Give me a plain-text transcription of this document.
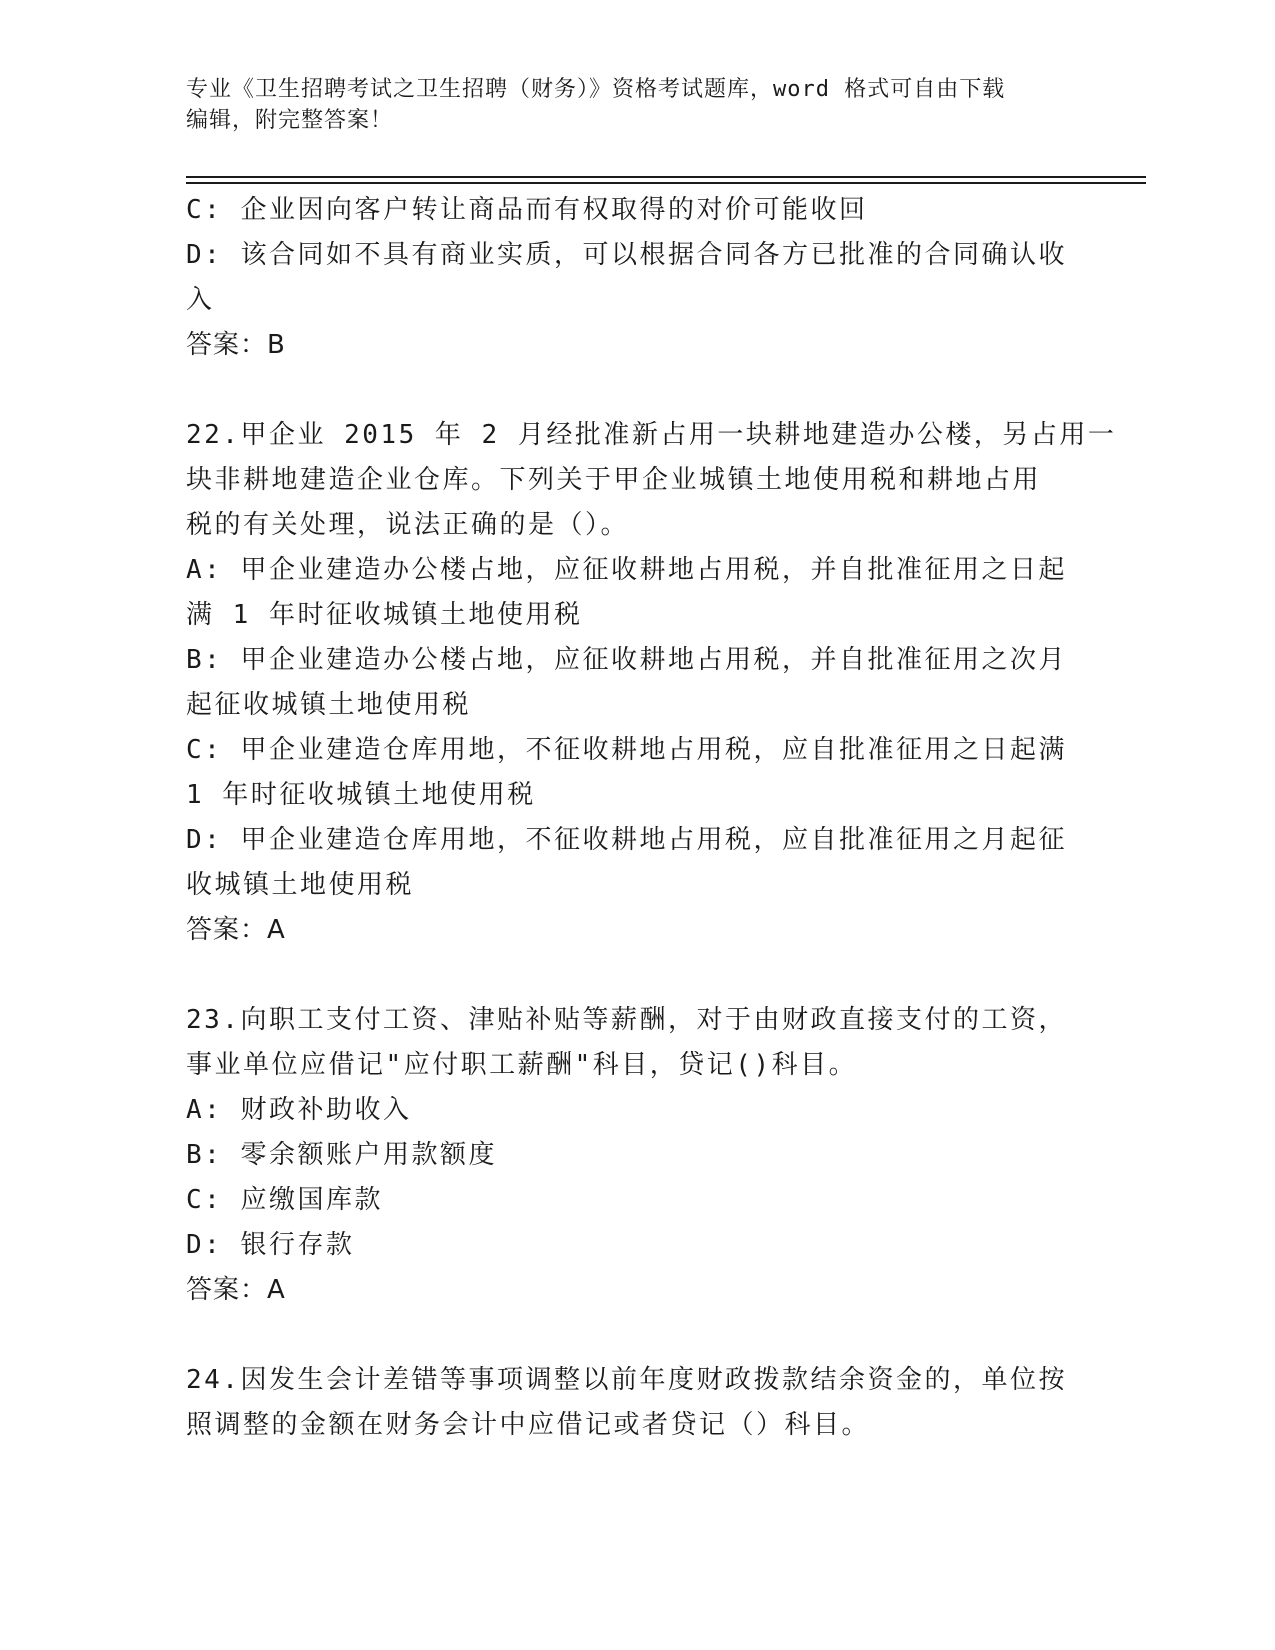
专业《卫生招聘考试之卫生招聘（财务）》资格考试题库，word 格式可自由下载
编辑，附完整答案！
C: 企业因向客户转让商品而有权取得的对价可能收回
D: 该合同如不具有商业实质，可以根据合同各方已批准的合同确认收
入
答案：B
22.甲企业 2015 年 2 月经批准新占用一块耕地建造办公楼，另占用一
块非耕地建造企业仓库。下列关于甲企业城镇土地使用税和耕地占用
税的有关处理，说法正确的是（）。
A: 甲企业建造办公楼占地，应征收耕地占用税，并自批准征用之日起
满 1 年时征收城镇土地使用税
B: 甲企业建造办公楼占地，应征收耕地占用税，并自批准征用之次月
起征收城镇土地使用税
C: 甲企业建造仓库用地，不征收耕地占用税，应自批准征用之日起满
1 年时征收城镇土地使用税
D: 甲企业建造仓库用地，不征收耕地占用税，应自批准征用之月起征
收城镇土地使用税
答案：A
23.向职工支付工资、津贴补贴等薪酬，对于由财政直接支付的工资，
事业单位应借记"应付职工薪酬"科目，贷记()科目。
A: 财政补助收入
B: 零余额账户用款额度
C: 应缴国库款
D: 银行存款
答案：A
24.因发生会计差错等事项调整以前年度财政拨款结余资金的，单位按
照调整的金额在财务会计中应借记或者贷记（）科目。
